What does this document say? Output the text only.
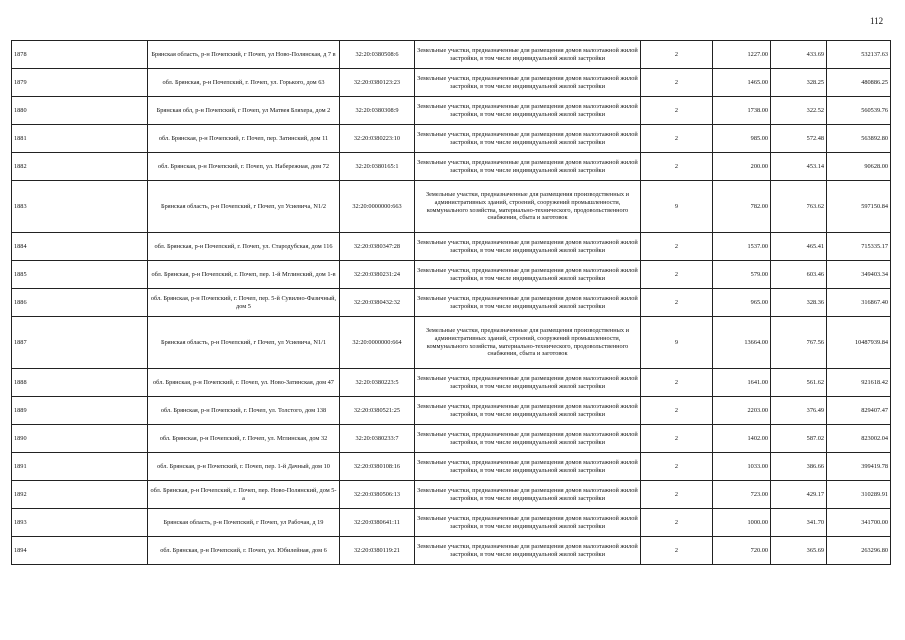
112
1878	Брянская область, р-н Почепский, г Почеп, ул Ново-Полянская, д 7 в	32:20:0380508:6	Земельные участки, предназначенные для размещения домов малоэтажной жилой застройки, в том числе индивидуальной жилой застройки	2	1227.00	433.69	532137.63
1879	обл. Брянская, р-н Почепский, г. Почеп, ул. Горького, дом 63	32:20:0380123:23	Земельные участки, предназначенные для размещения домов малоэтажной жилой застройки, в том числе индивидуальной жилой застройки	2	1465.00	328.25	480886.25
1880	Брянская обл, р-н Почепский, г Почеп, ул Матвея Бляхера, дом 2	32:20:0380308:9	Земельные участки, предназначенные для размещения домов малоэтажной жилой застройки, в том числе индивидуальной жилой застройки	2	1738.00	322.52	560539.76
1881	обл. Брянская, р-н Почепский, г. Почеп, пер. Затинский, дом 11	32:20:0380223:10	Земельные участки, предназначенные для размещения домов малоэтажной жилой застройки, в том числе индивидуальной жилой застройки	2	985.00	572.48	563892.80
1882	обл. Брянская, р-н Почепский, г. Почеп, ул. Набережная, дом 72	32:20:0380165:1	Земельные участки, предназначенные для размещения домов малоэтажной жилой застройки, в том числе индивидуальной жилой застройки	2	200.00	453.14	90628.00
1883	Брянская область, р-н Почепский, г Почеп, ул Усиевича, N1/2	32:20:0000000:663	Земельные участки, предназначенные для размещения производственных и административных зданий, строений, сооружений промышленности, коммунального хозяйства, материально-технического, продовольственного снабжения, сбыта и заготовок	9	782.00	763.62	597150.84
1884	обл. Брянская, р-н Почепский, г. Почеп, ул. Стародубская, дом 116	32:20:0380347:28	Земельные участки, предназначенные для размещения домов малоэтажной жилой застройки, в том числе индивидуальной жилой застройки	2	1537.00	465.41	715335.17
1885	обл. Брянская, р-н Почепский, г. Почеп, пер. 1-й Мглинский, дом 1-в	32:20:0380231:24	Земельные участки, предназначенные для размещения домов малоэтажной жилой застройки, в том числе индивидуальной жилой застройки	2	579.00	603.46	349403.34
1886	обл. Брянская, р-н Почепский, г. Почеп, пер. 5-й Сувилно-Фазичный, дом 5	32:20:0380432:32	Земельные участки, предназначенные для размещения домов малоэтажной жилой застройки, в том числе индивидуальной жилой застройки	2	965.00	328.36	316867.40
1887	Брянская область, р-н Почепский, г Почеп, ул Усиевича, N1/1	32:20:0000000:664	Земельные участки, предназначенные для размещения производственных и административных зданий, строений, сооружений промышленности, коммунального хозяйства, материально-технического, продовольственного снабжения, сбыта и заготовок	9	13664.00	767.56	10487939.84
1888	обл. Брянская, р-н Почепский, г. Почеп, ул. Ново-Затинская, дом 47	32:20:0380223:5	Земельные участки, предназначенные для размещения домов малоэтажной жилой застройки, в том числе индивидуальной жилой застройки	2	1641.00	561.62	921618.42
1889	обл. Брянская, р-н Почепский, г. Почеп, ул. Толстого, дом 138	32:20:0380521:25	Земельные участки, предназначенные для размещения домов малоэтажной жилой застройки, в том числе индивидуальной жилой застройки	2	2203.00	376.49	829407.47
1890	обл. Брянская, р-н Почепский, г. Почеп, ул. Мглинская, дом 32	32:20:0380233:7	Земельные участки, предназначенные для размещения домов малоэтажной жилой застройки, в том числе индивидуальной жилой застройки	2	1402.00	587.02	823002.04
1891	обл. Брянская, р-н Почепский, г. Почеп, пер. 1-й Дачный, дом 10	32:20:0380108:16	Земельные участки, предназначенные для размещения домов малоэтажной жилой застройки, в том числе индивидуальной жилой застройки	2	1033.00	386.66	399419.78
1892	обл. Брянская, р-н Почепский, г. Почеп, пер. Ново-Полянский, дом 5-а	32:20:0380506:13	Земельные участки, предназначенные для размещения домов малоэтажной жилой застройки, в том числе индивидуальной жилой застройки	2	723.00	429.17	310289.91
1893	Брянская область, р-н Почепский, г Почеп, ул Рабочая, д 19	32:20:0380641:11	Земельные участки, предназначенные для размещения домов малоэтажной жилой застройки, в том числе индивидуальной жилой застройки	2	1000.00	341.70	341700.00
1894	обл. Брянская, р-н Почепский, г. Почеп, ул. Юбилейная, дом 6	32:20:0380119:21	Земельные участки, предназначенные для размещения домов малоэтажной жилой застройки, в том числе индивидуальной жилой застройки	2	720.00	365.69	263296.80
